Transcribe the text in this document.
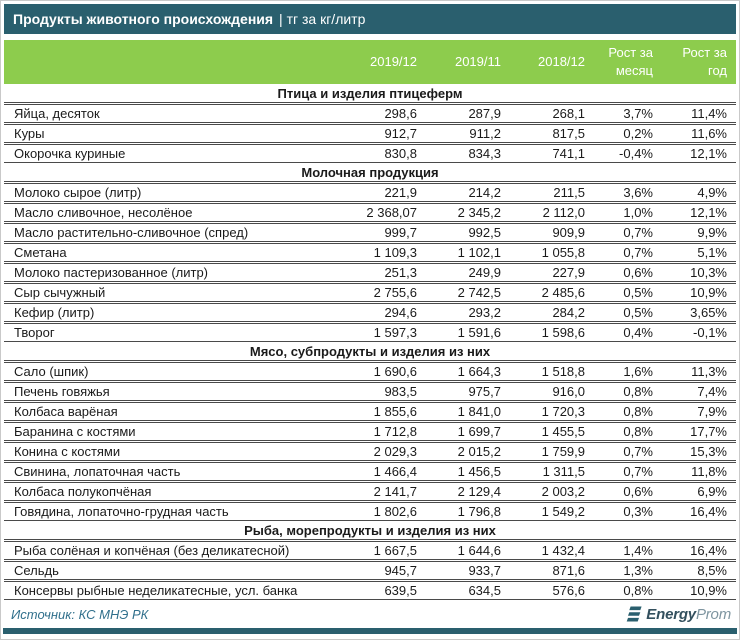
Продукты животного происхождения | тг за кг/литр
	2019/12	2019/11	2018/12	Рост за месяц	Рост за год
Птица и изделия птицеферм					
Яйца, десяток	298,6	287,9	268,1	3,7%	11,4%
Куры	912,7	911,2	817,5	0,2%	11,6%
Окорочка куриные	830,8	834,3	741,1	-0,4%	12,1%
Молочная продукция					
Молоко сырое (литр)	221,9	214,2	211,5	3,6%	4,9%
Масло сливочное, несолёное	2 368,07	2 345,2	2 112,0	1,0%	12,1%
Масло растительно-сливочное (спред)	999,7	992,5	909,9	0,7%	9,9%
Сметана	1 109,3	1 102,1	1 055,8	0,7%	5,1%
Молоко пастеризованное (литр)	251,3	249,9	227,9	0,6%	10,3%
Сыр сычужный	2 755,6	2 742,5	2 485,6	0,5%	10,9%
Кефир (литр)	294,6	293,2	284,2	0,5%	3,65%
Творог	1 597,3	1 591,6	1 598,6	0,4%	-0,1%
Мясо, субпродукты и изделия из них					
Сало (шпик)	1 690,6	1 664,3	1 518,8	1,6%	11,3%
Печень говяжья	983,5	975,7	916,0	0,8%	7,4%
Колбаса варёная	1 855,6	1 841,0	1 720,3	0,8%	7,9%
Баранина с костями	1 712,8	1 699,7	1 455,5	0,8%	17,7%
Конина с костями	2 029,3	2 015,2	1 759,9	0,7%	15,3%
Свинина, лопаточная часть	1 466,4	1 456,5	1 311,5	0,7%	11,8%
Колбаса полукопчёная	2 141,7	2 129,4	2 003,2	0,6%	6,9%
Говядина, лопаточно-грудная часть	1 802,6	1 796,8	1 549,2	0,3%	16,4%
Рыба, морепродукты и изделия из них					
Рыба солёная и копчёная (без деликатесной)	1 667,5	1 644,6	1 432,4	1,4%	16,4%
Сельдь	945,7	933,7	871,6	1,3%	8,5%
Консервы рыбные неделикатесные, усл. банка	639,5	634,5	576,6	0,8%	10,9%
Источник: КС МНЭ РК	Energy Prom
